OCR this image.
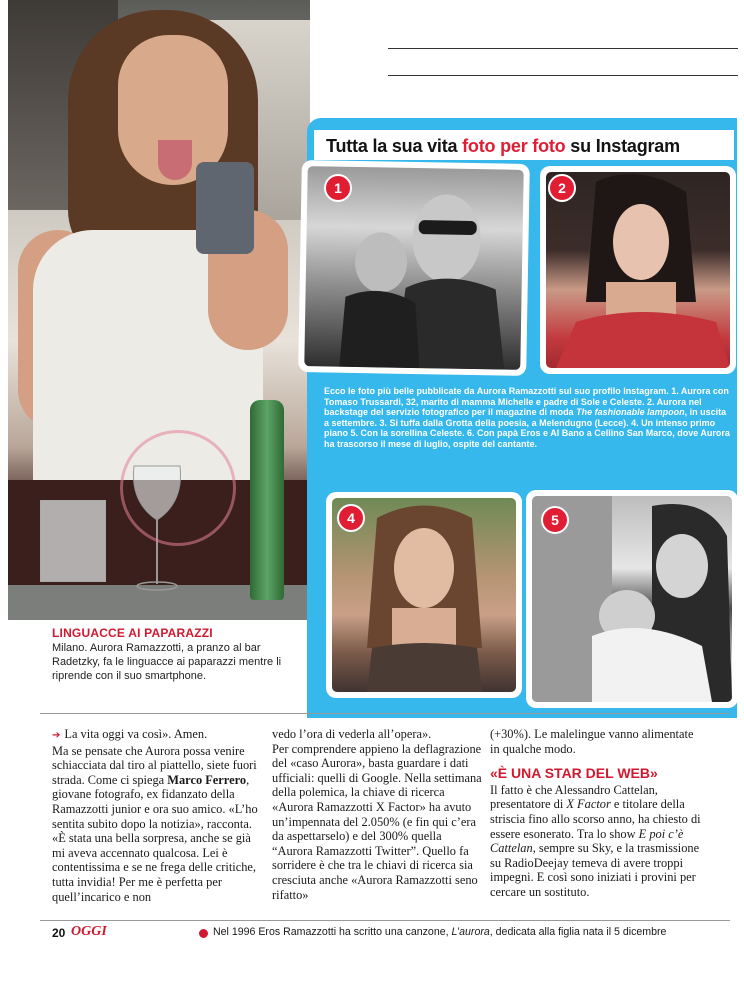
Tutta la sua vita foto per foto su Instagram
1	2
Ecco le foto più belle pubblicate da Aurora Ramazzotti sul suo profilo Instagram. 1. Aurora con Tomaso Trussardi, 32, marito di mamma Michelle e padre di Sole e Celeste. 2. Aurora nel backstage del servizio fotografico per il magazine di moda The fashionable lampoon, in uscita a settembre. 3. Si tuffa dalla Grotta della poesia, a Melendugno (Lecce). 4. Un intenso primo piano 5. Con la sorellina Celeste. 6. Con papà Eros e Al Bano a Cellino San Marco, dove Aurora ha trascorso il mese di luglio, ospite del cantante.
4	5
LINGUACCE AI PAPARAZZI
Milano. Aurora Ramazzotti, a pranzo al bar Radetzky, fa le linguacce ai paparazzi mentre li riprende con il suo smartphone.

➔ La vita oggi va così». Amen.

Ma se pensate che Aurora possa venire schiacciata dal tiro al piattello, siete fuori strada. Come ci spiega Marco Ferrero, giovane fotografo, ex fidanzato della Ramazzotti junior e ora suo amico. «L’ho sentita subito dopo la notizia», racconta. «È stata una bella sorpresa, anche se già mi aveva accennato qualcosa. Lei è contentissima e se ne frega delle critiche, tutta invidia! Per me è perfetta per quell’incarico e non

vedo l’ora di vederla all’opera».

Per comprendere appieno la deflagrazione del «caso Aurora», basta guardare i dati ufficiali: quelli di Google. Nella settimana della polemica, la chiave di ricerca «Aurora Ramazzotti X Factor» ha avuto un’impennata del 2.050% (e fin qui c’era da aspettarselo) e del 300% quella “Aurora Ramazzotti Twitter”. Quello fa sorridere è che tra le chiavi di ricerca sia cresciuta anche «Aurora Ramazzotti seno rifatto»

(+30%). Le malelingue vanno alimentate in qualche modo.

«È UNA STAR DEL WEB»

Il fatto è che Alessandro Cattelan, presentatore di X Factor e titolare della striscia fino allo scorso anno, ha chiesto di essere esonerato. Tra lo show E poi c’è Cattelan, sempre su Sky, e la trasmissione su RadioDeejay temeva di avere troppi impegni. E così sono iniziati i provini per cercare un sostituto.

20 OGGI	Nel 1996 Eros Ramazzotti ha scritto una canzone, L’aurora, dedicata alla figlia nata il 5 dicembre
